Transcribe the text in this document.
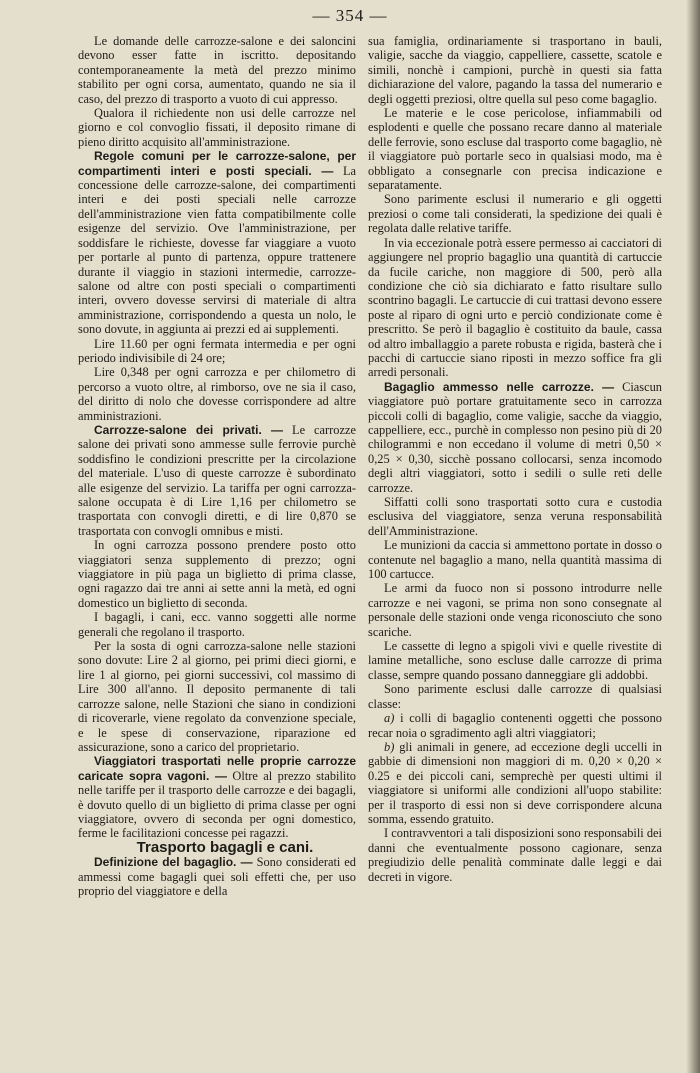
— 354 —

Le domande delle carrozze-salone e dei saloncini devono esser fatte in iscritto. depositando contemporaneamente la metà del prezzo minimo stabilito per ogni corsa, aumentato, quando ne sia il caso, del prezzo di trasporto a vuoto di cui appresso.

Qualora il richiedente non usi delle carrozze nel giorno e col convoglio fissati, il deposito rimane di pieno diritto acquisito all'amministrazione.

Regole comuni per le carrozze-salone, per compartimenti interi e posti speciali. — La concessione delle carrozze-salone, dei compartimenti interi e dei posti speciali nelle carrozze dell'amministrazione vien fatta compatibilmente colle esigenze del servizio. Ove l'amministrazione, per soddisfare le richieste, dovesse far viaggiare a vuoto per portarle al punto di partenza, oppure trattenere durante il viaggio in stazioni intermedie, carrozze-salone od altre con posti speciali o compartimenti interi, ovvero dovesse servirsi di materiale di altra amministrazione, corrispondendo a questa un nolo, le sono dovute, in aggiunta ai prezzi ed ai supplementi.

Lire 11.60 per ogni fermata intermedia e per ogni periodo indivisibile di 24 ore;

Lire 0,348 per ogni carrozza e per chilometro di percorso a vuoto oltre, al rimborso, ove ne sia il caso, del diritto di nolo che dovesse corrispondere ad altre amministrazioni.

Carrozze-salone dei privati. — Le carrozze salone dei privati sono ammesse sulle ferrovie purchè soddisfino le condizioni prescritte per la circolazione del materiale. L'uso di queste carrozze è subordinato alle esigenze del servizio. La tariffa per ogni carrozza-salone occupata è di Lire 1,16 per chilometro se trasportata con convogli diretti, e di lire 0,870 se trasportata con convogli omnibus e misti.

In ogni carrozza possono prendere posto otto viaggiatori senza supplemento di prezzo; ogni viaggiatore in più paga un biglietto di prima classe, ogni ragazzo dai tre anni ai sette anni la metà, ed ogni domestico un biglietto di seconda.

I bagagli, i cani, ecc. vanno soggetti alle norme generali che regolano il trasporto.

Per la sosta di ogni carrozza-salone nelle stazioni sono dovute: Lire 2 al giorno, pei primi dieci giorni, e lire 1 al giorno, pei giorni successivi, col massimo di Lire 300 all'anno. Il deposito permanente di tali carrozze salone, nelle Stazioni che siano in condizioni di ricoverarle, viene regolato da convenzione speciale, e le spese di conservazione, riparazione ed assicurazione, sono a carico del proprietario.

Viaggiatori trasportati nelle proprie carrozze caricate sopra vagoni. — Oltre al prezzo stabilito nelle tariffe per il trasporto delle carrozze e dei bagagli, è dovuto quello di un biglietto di prima classe per ogni viaggiatore, ovvero di seconda per ogni domestico, ferme le facilitazioni concesse pei ragazzi.

Trasporto bagagli e cani.

Definizione del bagaglio. — Sono considerati ed ammessi come bagagli quei soli effetti che, per uso proprio del viaggiatore e della

sua famiglia, ordinariamente si trasportano in bauli, valigie, sacche da viaggio, cappelliere, cassette, scatole e simili, nonchè i campioni, purchè in questi sia fatta dichiarazione del valore, pagando la tassa del numerario e degli oggetti preziosi, oltre quella sul peso come bagaglio.

Le materie e le cose pericolose, infiammabili od esplodenti e quelle che possano recare danno al materiale delle ferrovie, sono escluse dal trasporto come bagaglio, nè il viaggiatore può portarle seco in qualsiasi modo, ma è obbligato a consegnarle con precisa indicazione e separatamente.

Sono parimente esclusi il numerario e gli oggetti preziosi o come tali considerati, la spedizione dei quali è regolata dalle relative tariffe.

In via eccezionale potrà essere permesso ai cacciatori di aggiungere nel proprio bagaglio una quantità di cartuccie da fucile cariche, non maggiore di 500, però alla condizione che ciò sia dichiarato e fatto risultare sullo scontrino bagagli. Le cartuccie di cui trattasi devono essere poste al riparo di ogni urto e perciò condizionate come è prescritto. Se però il bagaglio è costituito da baule, cassa od altro imballaggio a parete robusta e rigida, basterà che i pacchi di cartuccie siano riposti in mezzo soffice fra gli arredi personali.

Bagaglio ammesso nelle carrozze. — Ciascun viaggiatore può portare gratuitamente seco in carrozza piccoli colli di bagaglio, come valigie, sacche da viaggio, cappelliere, ecc., purchè in complesso non pesino più di 20 chilogrammi e non eccedano il volume di metri 0,50 × 0,25 × 0,30, sicchè possano collocarsi, senza incomodo degli altri viaggiatori, sotto i sedili o sulle reti delle carrozze.

Siffatti colli sono trasportati sotto cura e custodia esclusiva del viaggiatore, senza veruna responsabilità dell'Amministrazione.

Le munizioni da caccia si ammettono portate in dosso o contenute nel bagaglio a mano, nella quantità massima di 100 cartucce.

Le armi da fuoco non si possono introdurre nelle carrozze e nei vagoni, se prima non sono consegnate al personale delle stazioni onde venga riconosciuto che sono scariche.

Le cassette di legno a spigoli vivi e quelle rivestite di lamine metalliche, sono escluse dalle carrozze di prima classe, sempre quando possano danneggiare gli addobbi.

Sono parimente esclusi dalle carrozze di qualsiasi classe:

a) i colli di bagaglio contenenti oggetti che possono recar noia o sgradimento agli altri viaggiatori;

b) gli animali in genere, ad eccezione degli uccelli in gabbie di dimensioni non maggiori di m. 0,20 × 0,20 × 0.25 e dei piccoli cani, semprechè per questi ultimi il viaggiatore si uniformi alle condizioni all'uopo stabilite: per il trasporto di essi non si deve corrispondere alcuna somma, essendo gratuito.

I contravventori a tali disposizioni sono responsabili dei danni che eventualmente possono cagionare, senza pregiudizio delle penalità comminate dalle leggi e dai decreti in vigore.
